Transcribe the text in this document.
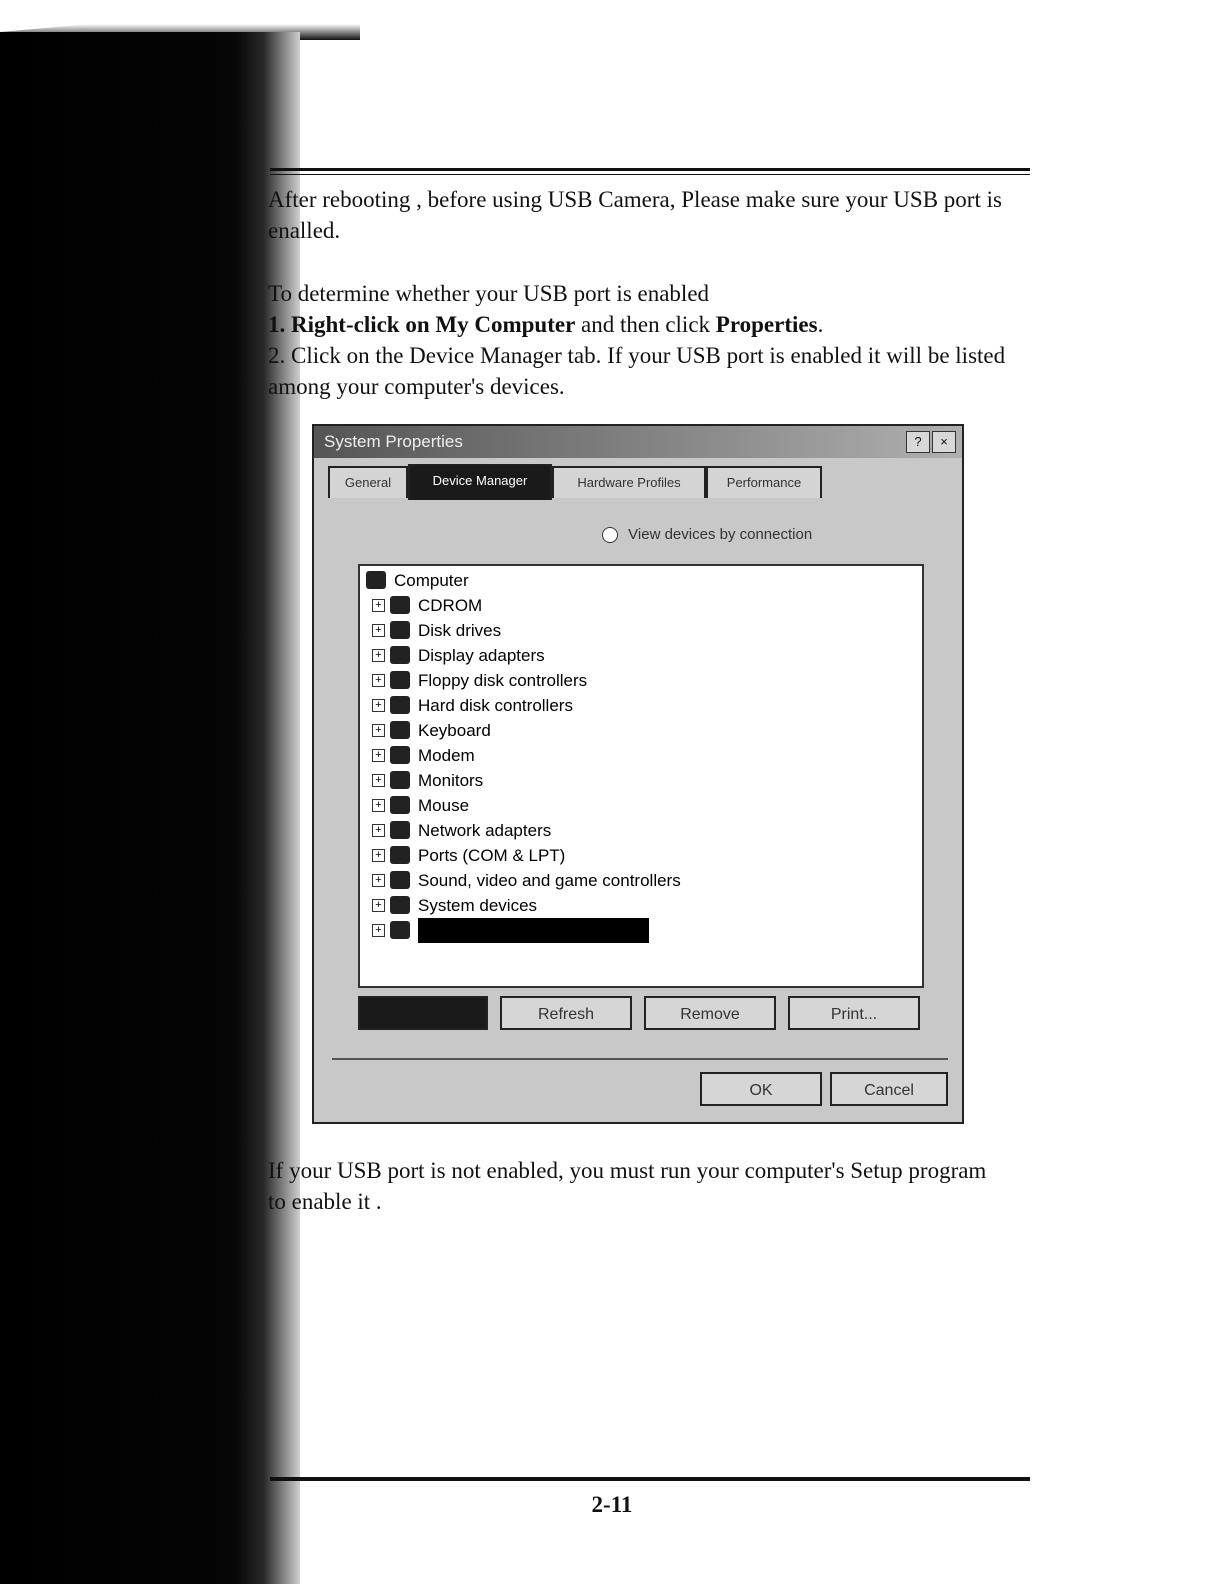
After rebooting , before using USB Camera, Please make sure your USB port is enalled.
To determine whether your USB port is enabled
1. Right-click on My Computer and then click Properties.
2. Click on the Device Manager tab. If your USB port is enabled it will be listed among your computer's devices.
System Properties	?	×
General	Device Manager	Hardware Profiles	Performance
View devices by connection
Computer
+ CDROM
+ Disk drives
+ Display adapters
+ Floppy disk controllers
+ Hard disk controllers
+ Keyboard
+ Modem
+ Monitors
+ Mouse
+ Network adapters
+ Ports (COM & LPT)
+ Sound, video and game controllers
+ System devices
+ Universal serial bus controller
Properties	Refresh	Remove	Print...
OK	Cancel
If your USB port is not enabled, you must run your computer's Setup program to enable it .
2-11
